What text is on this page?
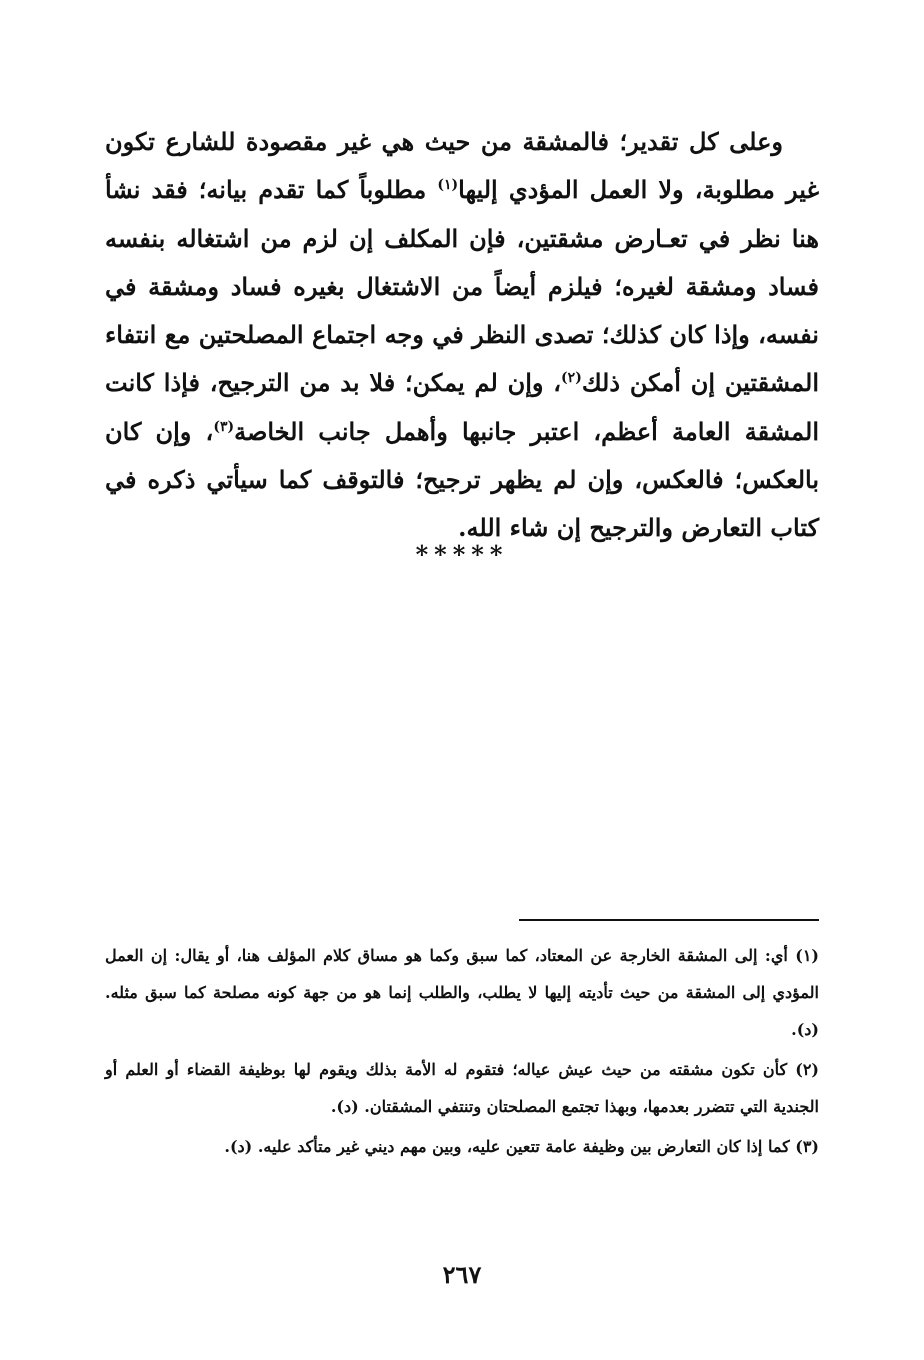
وعلى كل تقدير؛ فالمشقة من حيث هي غير مقصودة للشارع تكون غير مطلوبة، ولا العمل المؤدي إليها$^{(١)}$ مطلوباً كما تقدم بيانه؛ فقد نشأ هنا نظر في تعـارض مشقتين، فإن المكلف إن لزم من اشتغاله بنفسه فساد ومشقة لغيره؛ فيلزم أيضاً من الاشتغال بغيره فساد ومشقة في نفسه، وإذا كان كذلك؛ تصدى النظر في وجه اجتماع المصلحتين مع انتفاء المشقتين إن أمكن ذلك$^{(٢)}$، وإن لم يمكن؛ فلا بد من الترجيح، فإذا كانت المشقة العامة أعظم، اعتبر جانبها وأهمل جانب الخاصة$^{(٣)}$، وإن كان بالعكس؛ فالعكس، وإن لم يظهر ترجيح؛ فالتوقف كما سيأتي ذكره في كتاب التعارض والترجيح إن شاء الله.

*****

(١) أي: إلى المشقة الخارجة عن المعتاد، كما سبق وكما هو مساق كلام المؤلف هنا، أو يقال: إن العمل المؤدي إلى المشقة من حيث تأديته إليها لا يطلب، والطلب إنما هو من جهة كونه مصلحة كما سبق مثله. (د).

(٢) كأن تكون مشقته من حيث عيش عياله؛ فتقوم له الأمة بذلك ويقوم لها بوظيفة القضاء أو العلم أو الجندية التي تتضرر بعدمها، وبهذا تجتمع المصلحتان وتنتفي المشقتان. (د).

(٣) كما إذا كان التعارض بين وظيفة عامة تتعين عليه، وبين مهم ديني غير متأكد عليه. (د).

٢٦٧
